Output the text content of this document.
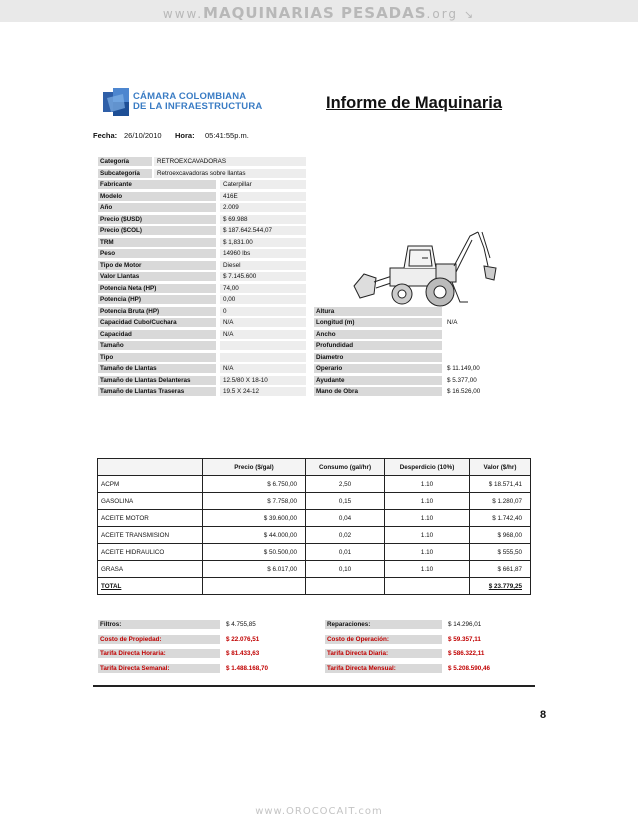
www.MAQUINARIAS PESADAS.org ↘
CÁMARA COLOMBIANA
DE LA INFRAESTRUCTURA	Informe de Maquinaria
Fecha: 26/10/2010 Hora: 05:41:55p.m.
Categoría	RETROEXCAVADORAS
Subcategoría	Retroexcavadoras sobre llantas
Fabricante	Caterpillar
Modelo	416E
Año	2.009
Precio ($USD)	$ 69.988
Precio ($COL)	$ 187.642.544,07
TRM	$ 1,831.00
Peso	14960 lbs
Tipo de Motor	Diesel
Valor Llantas	$ 7.145.600
Potencia Neta (HP)	74,00
Potencia (HP)	0,00
Potencia Bruta (HP)	0
Capacidad Cubo/Cuchara	N/A
Capacidad	N/A
Tamaño
Tipo
Tamaño de Llantas	N/A
Tamaño de Llantas Delanteras	12.5/80 X 18-10
Tamaño de Llantas Traseras	19.5 X 24-12
Altura
Longitud (m)	N/A
Ancho
Profundidad
Diametro
Operario	$ 11.149,00
Ayudante	$ 5.377,00
Mano de Obra	$ 16.526,00
	Precio ($/gal)	Consumo (gal/hr)	Desperdicio (10%)	Valor ($/hr)
ACPM	$ 6.750,00	2,50	1.10	$ 18.571,41
GASOLINA	$ 7.758,00	0,15	1.10	$ 1.280,07
ACEITE MOTOR	$ 39.600,00	0,04	1.10	$ 1.742,40
ACEITE TRANSMISION	$ 44.000,00	0,02	1.10	$ 968,00
ACEITE HIDRAULICO	$ 50.500,00	0,01	1.10	$ 555,50
GRASA	$ 6.017,00	0,10	1.10	$ 661,87
TOTAL				$ 23.779,25
Filtros:	$ 4.755,85
Costo de Propiedad:	$ 22.076,51
Tarifa Directa Horaria:	$ 81.433,63
Tarifa Directa Semanal:	$ 1.488.168,70
Reparaciones:	$ 14.296,01
Costo de Operación:	$ 59.357,11
Tarifa Directa Diaria:	$ 586.322,11
Tarifa Directa Mensual:	$ 5.208.590,46
8
www.OROCOCAIT.com
